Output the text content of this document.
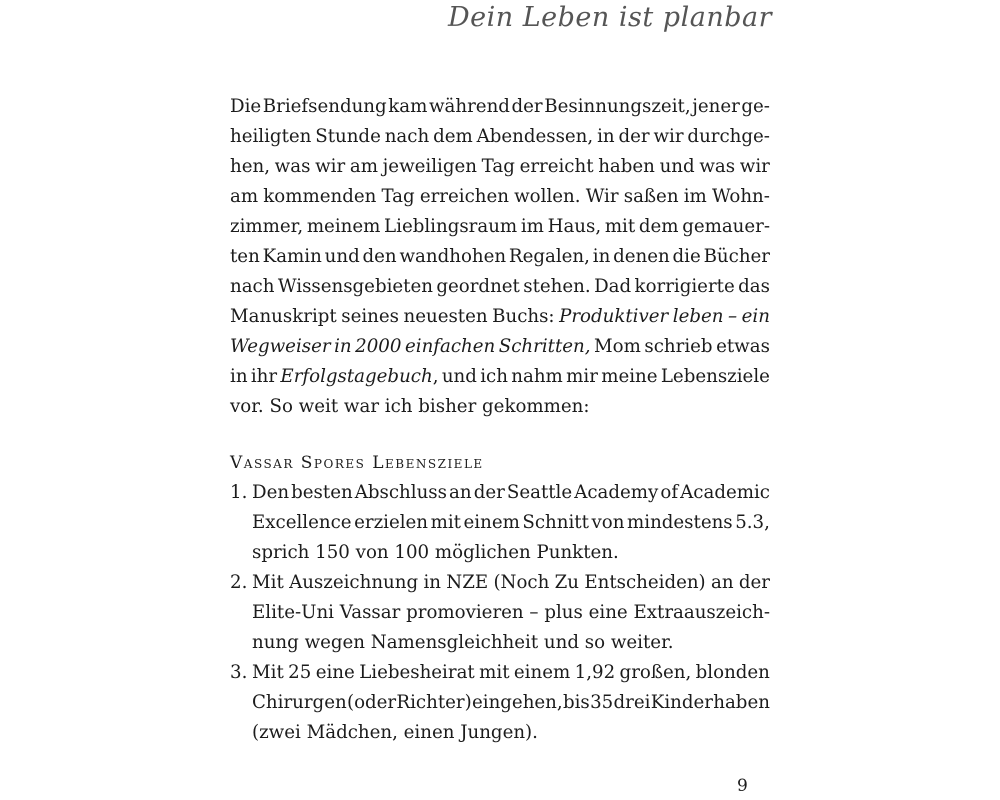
Dein Leben ist planbar
Die Briefsendung kam während der Besinnungszeit, jener ge-
heiligten Stunde nach dem Abendessen, in der wir durchge-
hen, was wir am jeweiligen Tag erreicht haben und was wir
am kommenden Tag erreichen wollen. Wir saßen im Wohn-
zimmer, meinem Lieblingsraum im Haus, mit dem gemauer-
ten Kamin und den wandhohen Regalen, in denen die Bücher
nach Wissensgebieten geordnet stehen. Dad korrigierte das
Manuskript seines neuesten Buchs: Produktiver leben – ein
Wegweiser in 2000 einfachen Schritten, Mom schrieb etwas
in ihr Erfolgstagebuch, und ich nahm mir meine Lebensziele
vor. So weit war ich bisher gekommen:
Vassar Spores Lebensziele
1. Den besten Abschluss an der Seattle Academy of Academic
Excellence erzielen mit einem Schnitt von mindestens 5.3,
sprich 150 von 100 möglichen Punkten.
2. Mit Auszeichnung in NZE (Noch Zu Entscheiden) an der
Elite-Uni Vassar promovieren – plus eine Extraauszeich-
nung wegen Namensgleichheit und so weiter.
3. Mit 25 eine Liebesheirat mit einem 1,92 großen, blonden
Chirurgen (oder Richter) eingehen, bis 35 drei Kinder haben
(zwei Mädchen, einen Jungen).
9
